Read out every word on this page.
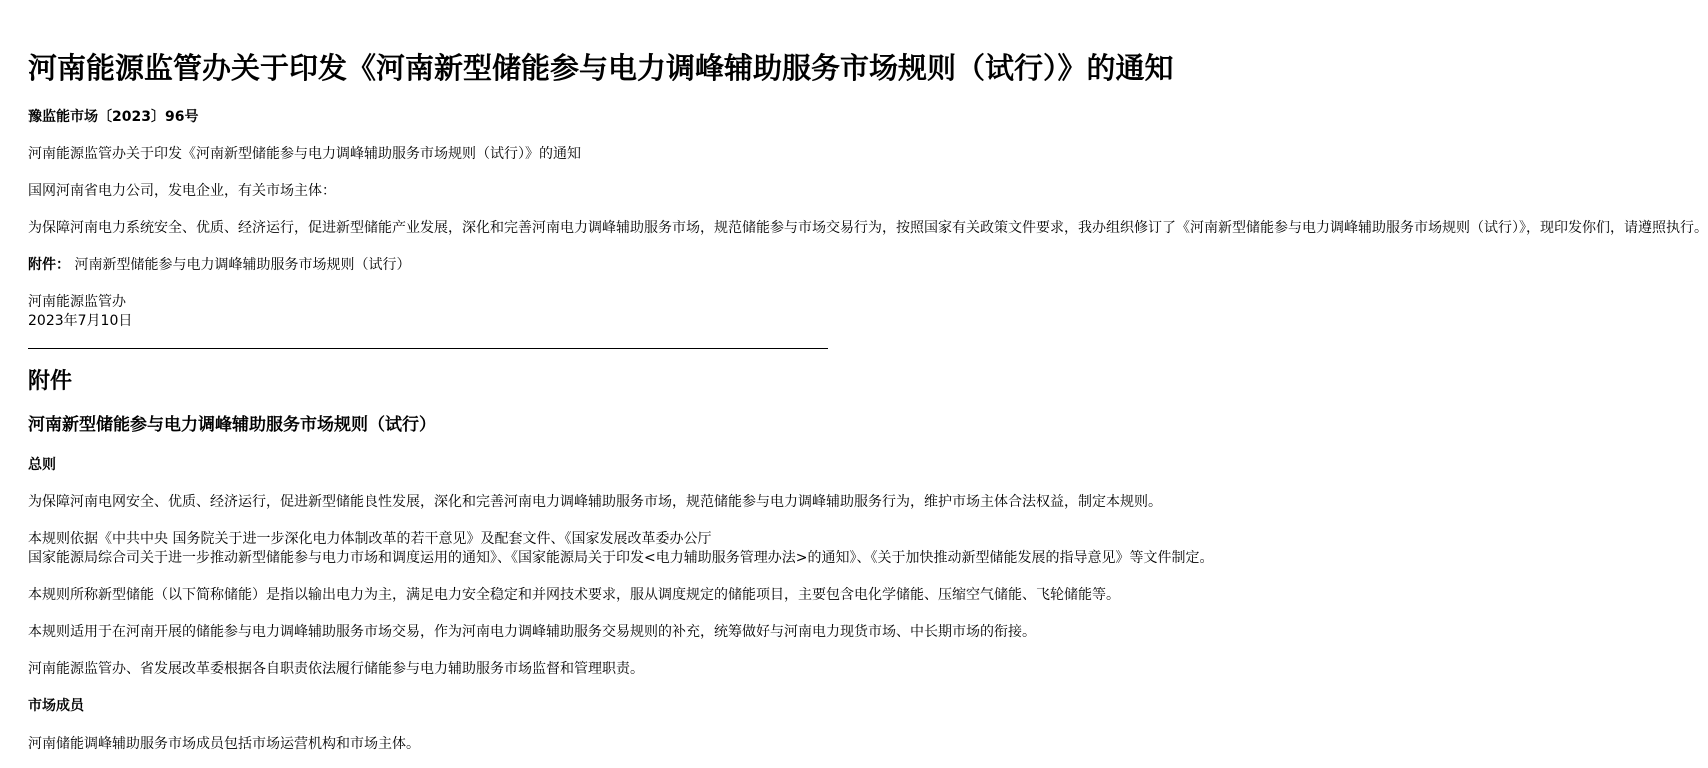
河南能源监管办关于印发《河南新型储能参与电力调峰辅助服务市场规则（试行）》的通知
豫监能市场〔2023〕96号
河南能源监管办关于印发《河南新型储能参与电力调峰辅助服务市场规则（试行）》的通知
国网河南省电力公司，发电企业，有关市场主体：
为保障河南电力系统安全、优质、经济运行，促进新型储能产业发展，深化和完善河南电力调峰辅助服务市场，规范储能参与市场交易行为，按照国家有关政策文件要求，我办组织修订了《河南新型储能参与电力调峰辅助服务市场规则（试行）》，现印发你们，请遵照执行。
附件： 河南新型储能参与电力调峰辅助服务市场规则（试行）
河南能源监管办
2023年7月10日
附件
河南新型储能参与电力调峰辅助服务市场规则（试行）
总则
为保障河南电网安全、优质、经济运行，促进新型储能良性发展，深化和完善河南电力调峰辅助服务市场，规范储能参与电力调峰辅助服务行为，维护市场主体合法权益，制定本规则。
本规则依据《中共中央 国务院关于进一步深化电力体制改革的若干意见》及配套文件、《国家发展改革委办公厅
国家能源局综合司关于进一步推动新型储能参与电力市场和调度运用的通知》、《国家能源局关于印发<电力辅助服务管理办法>的通知》、《关于加快推动新型储能发展的指导意见》等文件制定。
本规则所称新型储能（以下简称储能）是指以输出电力为主，满足电力安全稳定和并网技术要求，服从调度规定的储能项目，主要包含电化学储能、压缩空气储能、飞轮储能等。
本规则适用于在河南开展的储能参与电力调峰辅助服务市场交易，作为河南电力调峰辅助服务交易规则的补充，统筹做好与河南电力现货市场、中长期市场的衔接。
河南能源监管办、省发展改革委根据各自职责依法履行储能参与电力辅助服务市场监督和管理职责。
市场成员
河南储能调峰辅助服务市场成员包括市场运营机构和市场主体。
